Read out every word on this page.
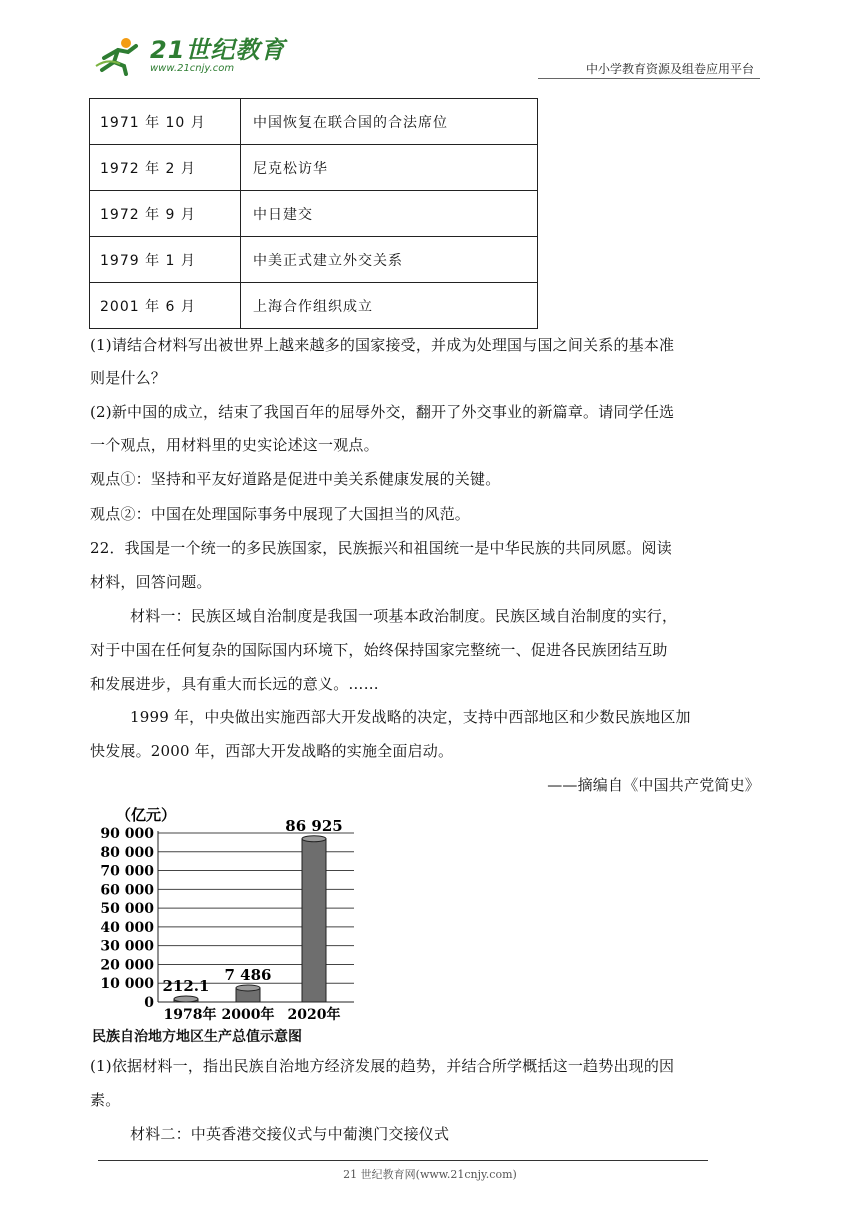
21世纪教育
www.21cnjy.com	中小学教育资源及组卷应用平台
1971 年 10 月	中国恢复在联合国的合法席位
1972 年 2 月	尼克松访华
1972 年 9 月	中日建交
1979 年 1 月	中美正式建立外交关系
2001 年 6 月	上海合作组织成立
(1)请结合材料写出被世界上越来越多的国家接受，并成为处理国与国之间关系的基本准
则是什么？
(2)新中国的成立，结束了我国百年的屈辱外交，翻开了外交事业的新篇章。请同学任选
一个观点，用材料里的史实论述这一观点。
观点①：坚持和平友好道路是促进中美关系健康发展的关键。
观点②：中国在处理国际事务中展现了大国担当的风范。
22．我国是一个统一的多民族国家，民族振兴和祖国统一是中华民族的共同夙愿。阅读
材料，回答问题。
材料一：民族区域自治制度是我国一项基本政治制度。民族区域自治制度的实行，
对于中国在任何复杂的国际国内环境下，始终保持国家完整统一、促进各民族团结互助
和发展进步，具有重大而长远的意义。……
1999 年，中央做出实施西部大开发战略的决定，支持中西部地区和少数民族地区加
快发展。2000 年，西部大开发战略的实施全面启动。
——摘编自《中国共产党简史》
（亿元）
0
10 000
20 000
30 000
40 000
50 000
60 000
70 000
80 000
90 000
212.1
1978年
7 486
2000年
86 925
2020年
民族自治地方地区生产总值示意图
(1)依据材料一，指出民族自治地方经济发展的趋势，并结合所学概括这一趋势出现的因
素。
材料二：中英香港交接仪式与中葡澳门交接仪式
21 世纪教育网(www.21cnjy.com)
